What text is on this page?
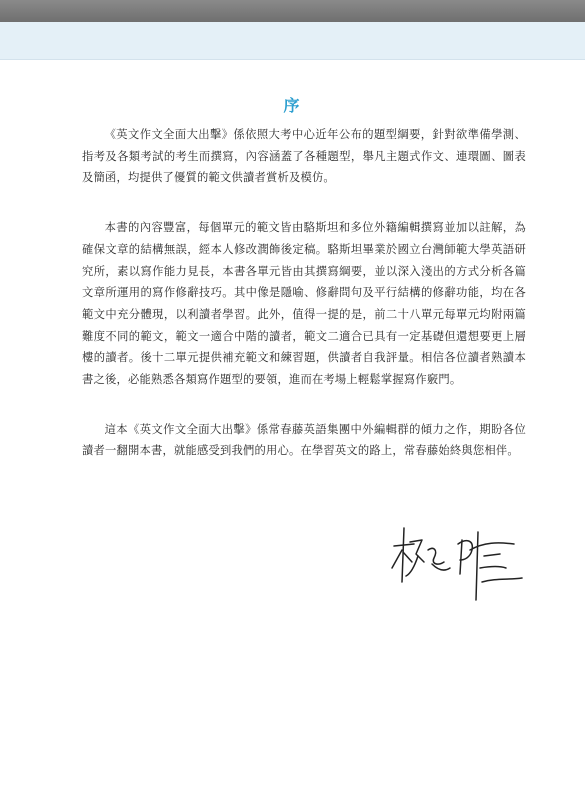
序

《英文作文全面大出擊》係依照大考中心近年公布的題型綱要，針對欲準備學測、指考及各類考試的考生而撰寫，內容涵蓋了各種題型，舉凡主題式作文、連環圖、圖表及簡函，均提供了優質的範文供讀者賞析及模仿。

本書的內容豐富，每個單元的範文皆由駱斯坦和多位外籍編輯撰寫並加以註解，為確保文章的結構無誤，經本人修改潤飾後定稿。駱斯坦畢業於國立台灣師範大學英語研究所，素以寫作能力見長，本書各單元皆由其撰寫綱要，並以深入淺出的方式分析各篇文章所運用的寫作修辭技巧。其中像是隱喻、修辭問句及平行結構的修辭功能，均在各範文中充分體現，以利讀者學習。此外，值得一提的是，前二十八單元每單元均附兩篇難度不同的範文，範文一適合中階的讀者，範文二適合已具有一定基礎但還想要更上層樓的讀者。後十二單元提供補充範文和練習題，供讀者自我評量。相信各位讀者熟讀本書之後，必能熟悉各類寫作題型的要領，進而在考場上輕鬆掌握寫作竅門。

這本《英文作文全面大出擊》係常春藤英語集團中外編輯群的傾力之作，期盼各位讀者一翻開本書，就能感受到我們的用心。在學習英文的路上，常春藤始終與您相伴。
